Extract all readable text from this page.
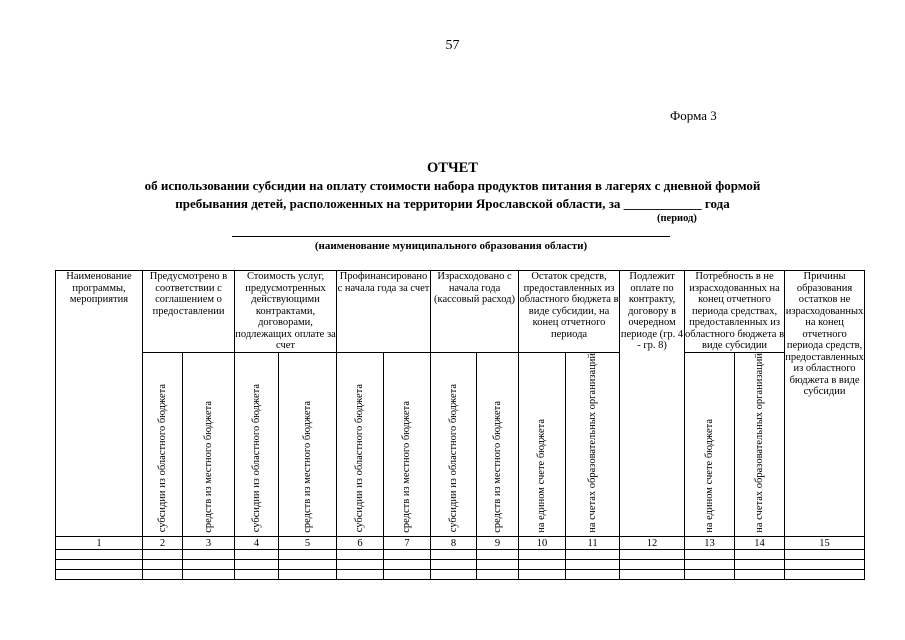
57
Форма 3
ОТЧЕТ
об использовании субсидии на оплату стоимости набора продуктов питания в лагерях с дневной формой
пребывания детей, расположенных на территории Ярославской области, за ____________ года
(период)
(наименование муниципального образования области)
Наименование программы, мероприятия	Предусмотрено в соответствии с соглашением о предоставлении		Стоимость услуг, предусмотренных действующими контрактами, договорами, подлежащих оплате за счет		Профинансировано с начала года за счет		Израсходовано с начала года (кассовый расход)		Остаток средств, предоставленных из областного бюджета в виде субсидии, на конец отчетного периода		Подлежит оплате по контракту, договору в очередном периоде (гр. 4 - гр. 8)	Потребность в не израсходованных на конец отчетного периода средствах, предоставленных из областного бюджета в виде субсидии		Причины образования остатков не израсходованных на конец отчетного периода средств, предоставленных из областного бюджета в виде субсидии

	субсидии из областного бюджета	средств из местного бюджета	субсидии из областного бюджета	средств из местного бюджета	субсидии из областного бюджета	средств из местного бюджета	субсидии из областного бюджета	средств из местного бюджета	на едином счете бюджета	на счетах образовательных организаций		на едином счете бюджета	на счетах образовательных организаций	

1	2	3	4	5	6	7	8	9	10	11	12	13	14	15
